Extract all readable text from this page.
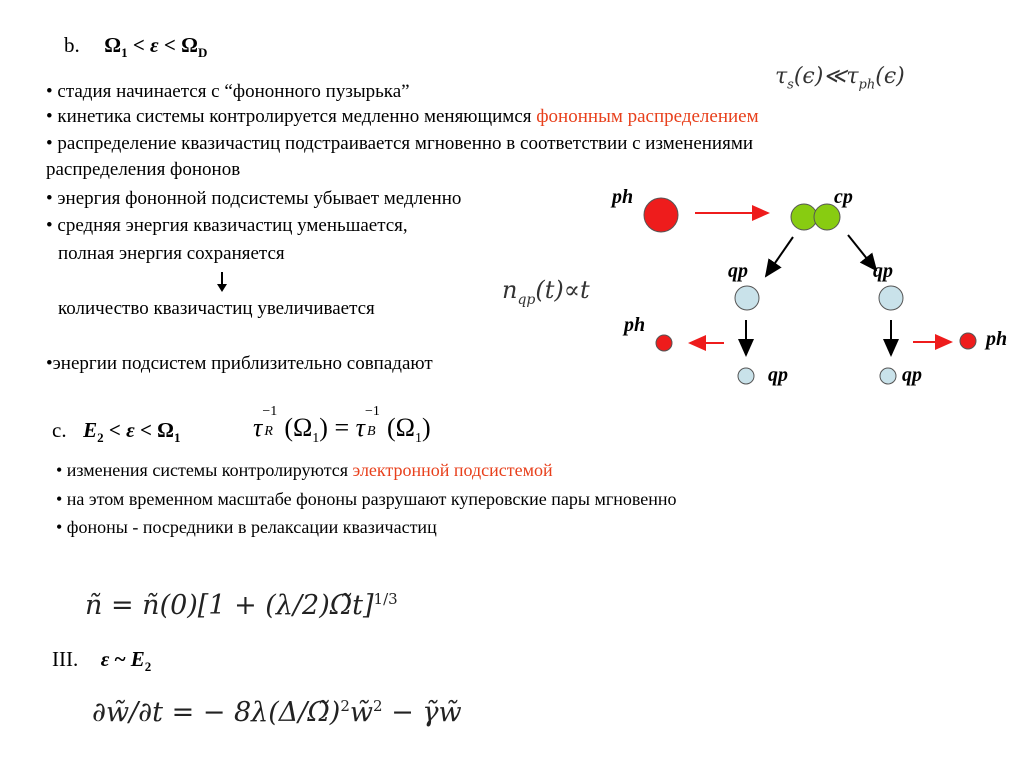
b. $\Omega_1 < \varepsilon < \Omega_D$
$\tau_s(\epsilon)≪\tau_{ph}(\epsilon)$
• стадия начинается с “фононного пузырька”
• кинетика системы контролируется медленно меняющимся фононным распределением
• распределение квазичастиц подстраивается мгновенно в соответствии с изменениями
распределения фононов
• энергия фононной подсистемы убывает медленно
• средняя энергия квазичастиц уменьшается,
полная энергия сохраняется
количество квазичастиц увеличивается
$n_{qp}(t)\propto t$
•энергии подсистем приблизительно совпадают
ph	cp
qp	qp
ph
ph
qp	qp
c. $E_2 < \varepsilon < \Omega_1$	τ
−1
R $(\Omega_1) = \tau$
−1
B $(\Omega_1)$
• изменения системы контролируются электронной подсистемой
• на этом временном масштабе фононы разрушают куперовские пары мгновенно
• фононы - посредники в релаксации квазичастиц
ñ = ñ(0)[1 + (λ/2)Ω̃t]$^{1/3}$
III. ε ~ $E_2$
∂w̃/∂t = − 8λ(Δ/Ω̃)$^2$w̃$^2$ − γ̃w̃
